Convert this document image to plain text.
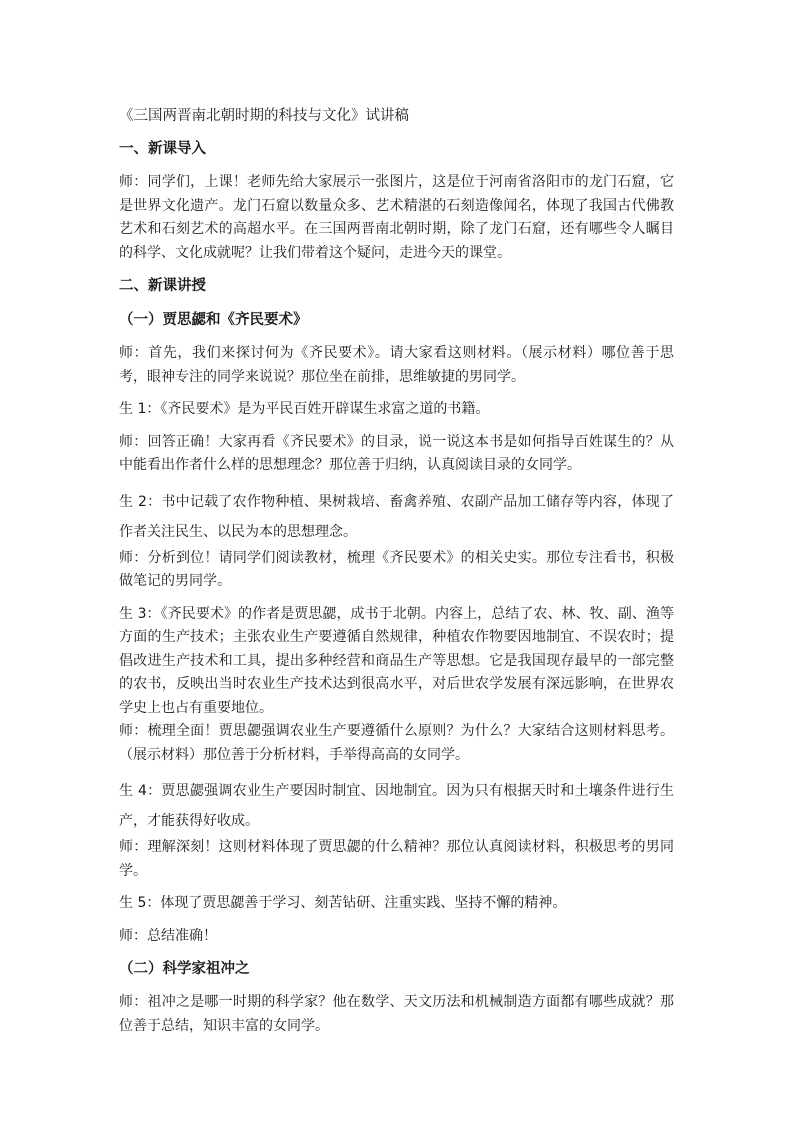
《三国两晋南北朝时期的科技与文化》试讲稿
一、新课导入
师：同学们，上课！老师先给大家展示一张图片，这是位于河南省洛阳市的龙门石窟，它是世界文化遗产。龙门石窟以数量众多、艺术精湛的石刻造像闻名，体现了我国古代佛教艺术和石刻艺术的高超水平。在三国两晋南北朝时期，除了龙门石窟，还有哪些令人瞩目的科学、文化成就呢？让我们带着这个疑问，走进今天的课堂。
二、新课讲授
（一）贾思勰和《齐民要术》
师：首先，我们来探讨何为《齐民要术》。请大家看这则材料。（展示材料）哪位善于思考，眼神专注的同学来说说？那位坐在前排，思维敏捷的男同学。
生 1：《齐民要术》是为平民百姓开辟谋生求富之道的书籍。
师：回答正确！大家再看《齐民要术》的目录，说一说这本书是如何指导百姓谋生的？从中能看出作者什么样的思想理念？那位善于归纳，认真阅读目录的女同学。
生 2：书中记载了农作物种植、果树栽培、畜禽养殖、农副产品加工储存等内容，体现了作者关注民生、以民为本的思想理念。
师：分析到位！请同学们阅读教材，梳理《齐民要术》的相关史实。那位专注看书，积极做笔记的男同学。
生 3：《齐民要术》的作者是贾思勰，成书于北朝。内容上，总结了农、林、牧、副、渔等方面的生产技术；主张农业生产要遵循自然规律，种植农作物要因地制宜、不误农时；提倡改进生产技术和工具，提出多种经营和商品生产等思想。它是我国现存最早的一部完整的农书，反映出当时农业生产技术达到很高水平，对后世农学发展有深远影响，在世界农学史上也占有重要地位。
师：梳理全面！贾思勰强调农业生产要遵循什么原则？为什么？大家结合这则材料思考。（展示材料）那位善于分析材料，手举得高高的女同学。
生 4：贾思勰强调农业生产要因时制宜、因地制宜。因为只有根据天时和土壤条件进行生产，才能获得好收成。
师：理解深刻！这则材料体现了贾思勰的什么精神？那位认真阅读材料，积极思考的男同学。
生 5：体现了贾思勰善于学习、刻苦钻研、注重实践、坚持不懈的精神。
师：总结准确！
（二）科学家祖冲之
师：祖冲之是哪一时期的科学家？他在数学、天文历法和机械制造方面都有哪些成就？那位善于总结，知识丰富的女同学。
